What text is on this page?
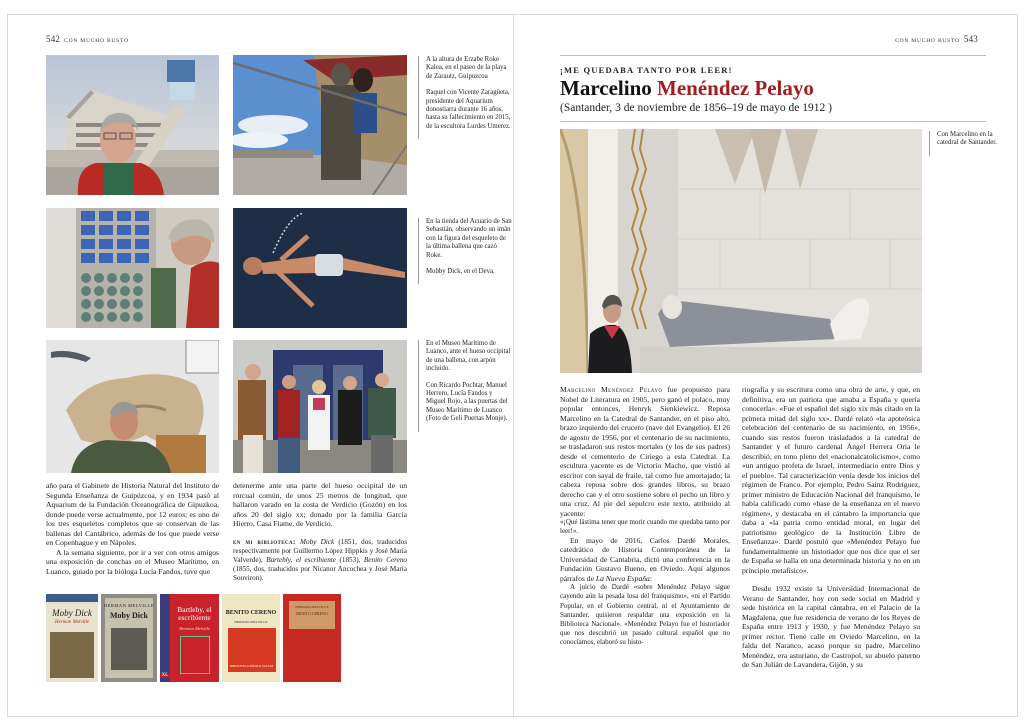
542 CON MUCHO BUSTO

A la altura de Erzabe Roke Kalea, en el paseo de la playa de Zarautz, Guipuzcoa

Raquel con Vicente Zaragüeta, presidente del Aquarium donostiarra durante 16 años, hasta su fallecimiento en 2015, de la escultora Lurdes Umerez.

En la tienda del Acuario de San Sebastián, observando un imán con la figura del esqueleto de la última ballena que cazó Roke.

Mobby Dick, en el Deva.

En el Museo Marítimo de Luanco, ante el hueso occipital de una ballena, con arpón incluido.

Con Ricardo Pochtar, Manuel Herrero, Lucía Fandos y Miguel Rojo, a las puertas del Museo Marítimo de Luanco (Foto de Geli Puertas Monje).

año para el Gabinete de Historia Natural del Instituto de Segunda Enseñanza de Guipúzcoa, y en 1934 pasó al Aquarium de la Fundación Oceanográfica de Gipuzkoa, donde puede verse actualmente, por 12 euros; es uno de los tres esqueletos completos que se conservan de las ballenas del Cantábrico, además de los que puede verse en Copenhague y en Nápoles.

A la semana siguiente, por ir a ver con otros amigos una exposición de conchas en el Museo Marítimo, en Luanco, guiado por la bióloga Lucía Fandos, tuve que

detenerme ante una parte del hueso occipital de un rorcual común, de unos 25 metros de longitud, que hallaron varado en la costa de Verdicio (Gozón) en los años 20 del siglo xx; donado por la familia García Hierro, Casa Fiame, de Verdicio.

en mi biblioteca: Moby Dick (1851, dos, traducidos respectivamente por Guillermo López Hippkis y José María Valverde), Bartebly, el escribiente (1853), Benito Cereno (1855, dos, traducidos por Nicanor Ancochea y José María Souviron).

Moby Dick
Herman Melville
HERMAN MELVILLE
Moby Dick
Bartleby, el escribiente
Herman Melville
XL
BENITO CERENO
HERMAN MELVILLE
BIBLIOTECA BÁSICA SALVAT
HERMAN MELVILLE
BENITO CERENO
CON MUCHO BUSTO 543
¡ME QUEDABA TANTO POR LEER!
Marcelino Menéndez Pelayo
(Santander, 3 de noviembre de 1856–19 de mayo de 1912 )

Con Marcelino en la catedral de Santander.

Marcelino Menéndez Pelayo fue propuesto para Nobel de Literatura en 1905, pero ganó el polaco, muy popular entonces, Henryk Sienkiewicz. Reposa Marcelino en la Catedral de Santander, en el piso alto, brazo izquierdo del crucero (nave del Evangelio). El 26 de agosto de 1956, por el centenario de su nacimiento, se trasladaron sus restos mortales (y los de sus padres) desde el cementerio de Ciriego a esta Catedral. La escultura yacente es de Victorio Macho, que vistió al escritor con sayal de fraile, tal como fue amortajado; la cabeza reposa sobre dos grandes libros, su brazo derecho cae y el otro sostiene sobre el pecho un libro y una cruz. Al pie del sepulcro este texto, atribuido al yacente:

«¡Qué lástima tener que morir cuando me quedaba tanto por leer!».

En mayo de 2016, Carlos Dardé Morales, catedrático de Historia Contemporánea de la Universidad de Cantabria, dictó una conferencia en la Fundación Gustavo Bueno, en Oviedo. Aquí algunos párrafos de La Nueva España:

A juicio de Dardé «sobre Menéndez Pelayo sigue cayendo aún la pesada losa del franquismo», «ni el Partido Popular, en el Gobierno central, ni el Ayuntamiento de Santander, quisieron respaldar una exposición en la Biblioteca Nacional». «Menéndez Pelayo fue el historiador que nos descubrió un pasado cultural español que no conocíamos, elaboró su histo-

riografía y su escritura como una obra de arte, y que, en definitiva, era un patriota que amaba a España y quería conocerla». «Fue el español del siglo xix más citado en la primera mitad del siglo xx». Dardé relató «la apoteósica celebración del centenario de su nacimiento, en 1956», cuando sus restos fueron trasladados a la catedral de Santander y el futuro cardenal Ángel Herrera Oria le describió, en tono pleno del «nacionalcatolicismo», como «un antiguo profeta de Israel, intermediario entre Dios y el pueblo». Tal caracterización venía desde los inicios del régimen de Franco. Por ejemplo, Pedro Sainz Rodríguez, primer ministro de Educación Nacional del franquismo, le había calificado como «base de la enseñanza en el nuevo régimen», y destacaba en el cántabro la importancia que daba a «la patria como entidad moral, en lugar del patriotismo geológico de la Institución Libre de Enseñanza». Dardé postuló que «Menéndez Pelayo fue fundamentalmente un historiador que nos dice que el ser de España se halla en una determinada historia y no en un principio metafísico».

Desde 1932 existe la Universidad Internacional de Verano de Santander, hoy con sede social en Madrid y sede histórica en la capital cántabra, en el Palacio de la Magdalena, que fue residencia de verano de los Reyes de España entre 1913 y 1930, y fue Menéndez Pelayo su primer rector. Tiene calle en Oviedo Marcelino, en la falda del Naranco, acaso porque su padre, Marcelino Menéndez, era asturiano, de Castropol, su abuelo paterno de San Julián de Lavandera, Gijón, y su
